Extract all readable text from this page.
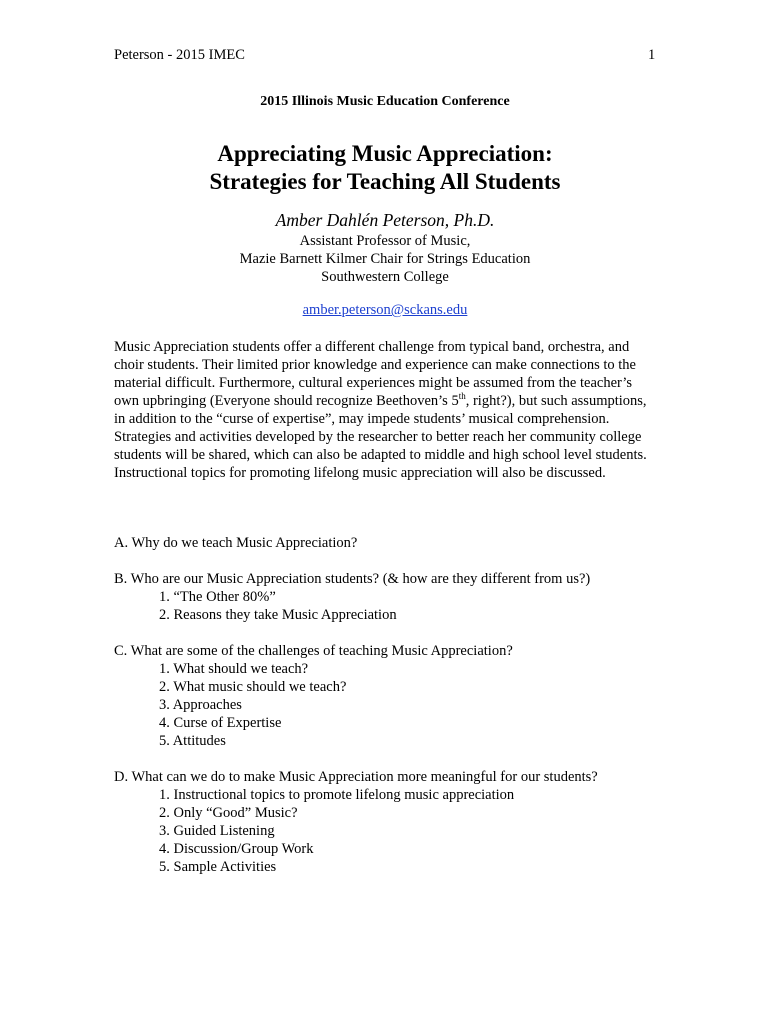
Peterson - 2015 IMEC	1
2015 Illinois Music Education Conference
Appreciating Music Appreciation:
Strategies for Teaching All Students
Amber Dahlén Peterson, Ph.D.
Assistant Professor of Music,
Mazie Barnett Kilmer Chair for Strings Education
Southwestern College
amber.peterson@sckans.edu
Music Appreciation students offer a different challenge from typical band, orchestra, and choir students. Their limited prior knowledge and experience can make connections to the material difficult. Furthermore, cultural experiences might be assumed from the teacher’s own upbringing (Everyone should recognize Beethoven’s 5th, right?), but such assumptions, in addition to the “curse of expertise”, may impede students’ musical comprehension. Strategies and activities developed by the researcher to better reach her community college students will be shared, which can also be adapted to middle and high school level students. Instructional topics for promoting lifelong music appreciation will also be discussed.

A. Why do we teach Music Appreciation?

B. Who are our Music Appreciation students? (& how are they different from us?)

1. “The Other 80%”
2. Reasons they take Music Appreciation

C. What are some of the challenges of teaching Music Appreciation?

1. What should we teach?
2. What music should we teach?
3. Approaches
4. Curse of Expertise
5. Attitudes

D. What can we do to make Music Appreciation more meaningful for our students?

1. Instructional topics to promote lifelong music appreciation
2. Only “Good” Music?
3. Guided Listening
4. Discussion/Group Work
5. Sample Activities
